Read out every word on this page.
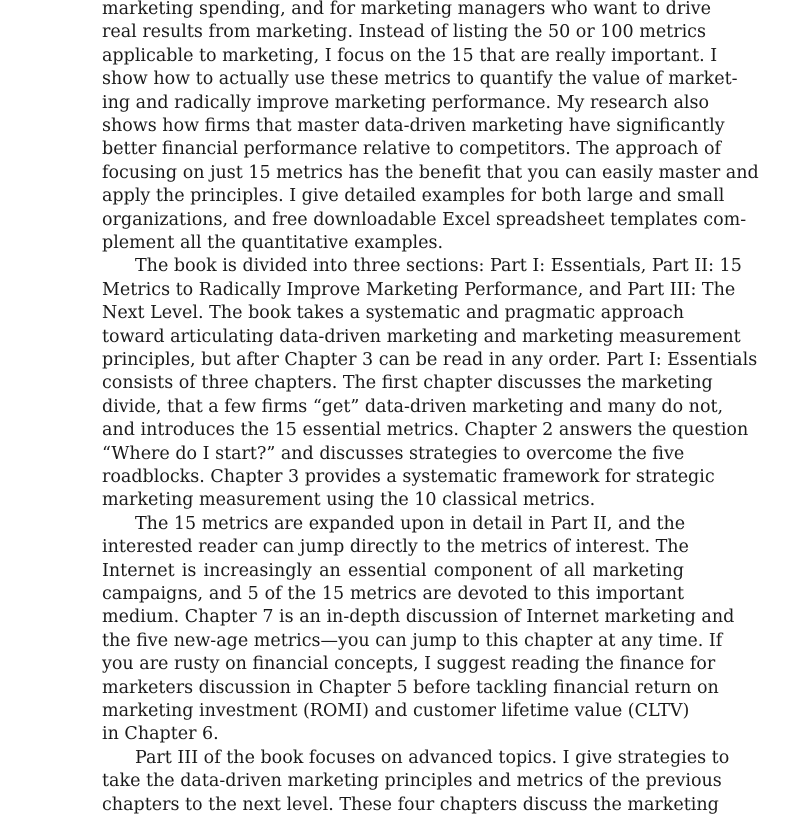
marketing spending, and for marketing managers who want to drive
real results from marketing. Instead of listing the 50 or 100 metrics
applicable to marketing, I focus on the 15 that are really important. I
show how to actually use these metrics to quantify the value of market-
ing and radically improve marketing performance. My research also
shows how firms that master data-driven marketing have significantly
better financial performance relative to competitors. The approach of
focusing on just 15 metrics has the benefit that you can easily master and
apply the principles. I give detailed examples for both large and small
organizations, and free downloadable Excel spreadsheet templates com-
plement all the quantitative examples.
The book is divided into three sections: Part I: Essentials, Part II: 15
Metrics to Radically Improve Marketing Performance, and Part III: The
Next Level. The book takes a systematic and pragmatic approach
toward articulating data-driven marketing and marketing measurement
principles, but after Chapter 3 can be read in any order. Part I: Essentials
consists of three chapters. The first chapter discusses the marketing
divide, that a few firms “get” data-driven marketing and many do not,
and introduces the 15 essential metrics. Chapter 2 answers the question
“Where do I start?” and discusses strategies to overcome the five
roadblocks. Chapter 3 provides a systematic framework for strategic
marketing measurement using the 10 classical metrics.
The 15 metrics are expanded upon in detail in Part II, and the
interested reader can jump directly to the metrics of interest. The
Internet is increasingly an essential component of all marketing
campaigns, and 5 of the 15 metrics are devoted to this important
medium. Chapter 7 is an in-depth discussion of Internet marketing and
the five new-age metrics—you can jump to this chapter at any time. If
you are rusty on financial concepts, I suggest reading the finance for
marketers discussion in Chapter 5 before tackling financial return on
marketing investment (ROMI) and customer lifetime value (CLTV)
in Chapter 6.
Part III of the book focuses on advanced topics. I give strategies to
take the data-driven marketing principles and metrics of the previous
chapters to the next level. These four chapters discuss the marketing
